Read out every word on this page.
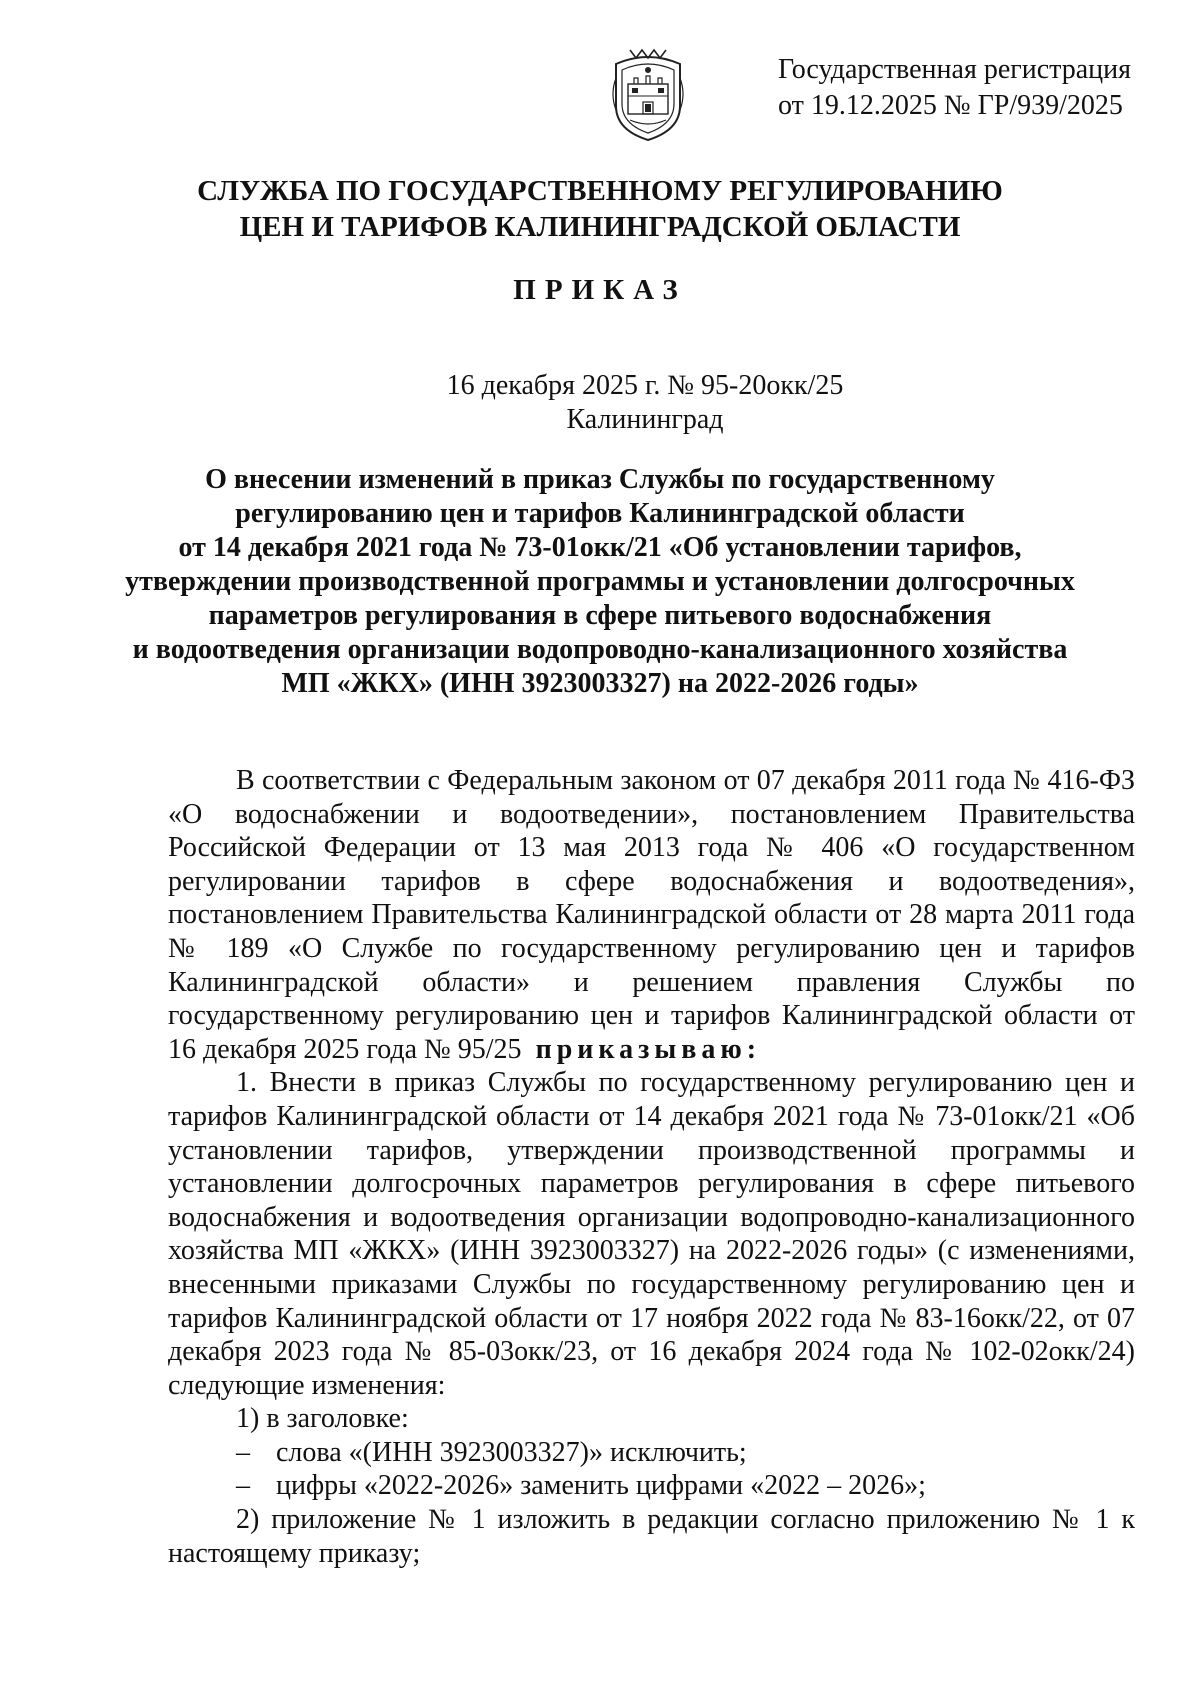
Государственная регистрация
от 19.12.2025 № ГР/939/2025
СЛУЖБА ПО ГОСУДАРСТВЕННОМУ РЕГУЛИРОВАНИЮ
ЦЕН И ТАРИФОВ КАЛИНИНГРАДСКОЙ ОБЛАСТИ
ПРИКАЗ
16 декабря 2025 г. № 95-20окк/25
Калининград
О внесении изменений в приказ Службы по государственному
регулированию цен и тарифов Калининградской области
от 14 декабря 2021 года № 73-01окк/21 «Об установлении тарифов,
утверждении производственной программы и установлении долгосрочных
параметров регулирования в сфере питьевого водоснабжения
и водоотведения организации водопроводно-канализационного хозяйства
МП «ЖКХ» (ИНН 3923003327) на 2022-2026 годы»

В соответствии с Федеральным законом от 07 декабря 2011 года № 416-ФЗ «О водоснабжении и водоотведении», постановлением Правительства Российской Федерации от 13 мая 2013 года № 406 «О государственном регулировании тарифов в сфере водоснабжения и водоотведения», постановлением Правительства Калининградской области от 28 марта 2011 года № 189 «О Службе по государственному регулированию цен и тарифов Калининградской области» и решением правления Службы по государственному регулированию цен и тарифов Калининградской области от 16 декабря 2025 года № 95/25 приказываю:

1. Внести в приказ Службы по государственному регулированию цен и тарифов Калининградской области от 14 декабря 2021 года № 73-01окк/21 «Об установлении тарифов, утверждении производственной программы и установлении долгосрочных параметров регулирования в сфере питьевого водоснабжения и водоотведения организации водопроводно-канализационного хозяйства МП «ЖКХ» (ИНН 3923003327) на 2022-2026 годы» (с изменениями, внесенными приказами Службы по государственному регулированию цен и тарифов Калининградской области от 17 ноября 2022 года № 83-16окк/22, от 07 декабря 2023 года № 85-03окк/23, от 16 декабря 2024 года № 102-02окк/24) следующие изменения:

1) в заголовке:

– слова «(ИНН 3923003327)» исключить;

– цифры «2022-2026» заменить цифрами «2022 – 2026»;

2) приложение № 1 изложить в редакции согласно приложению № 1 к настоящему приказу;
